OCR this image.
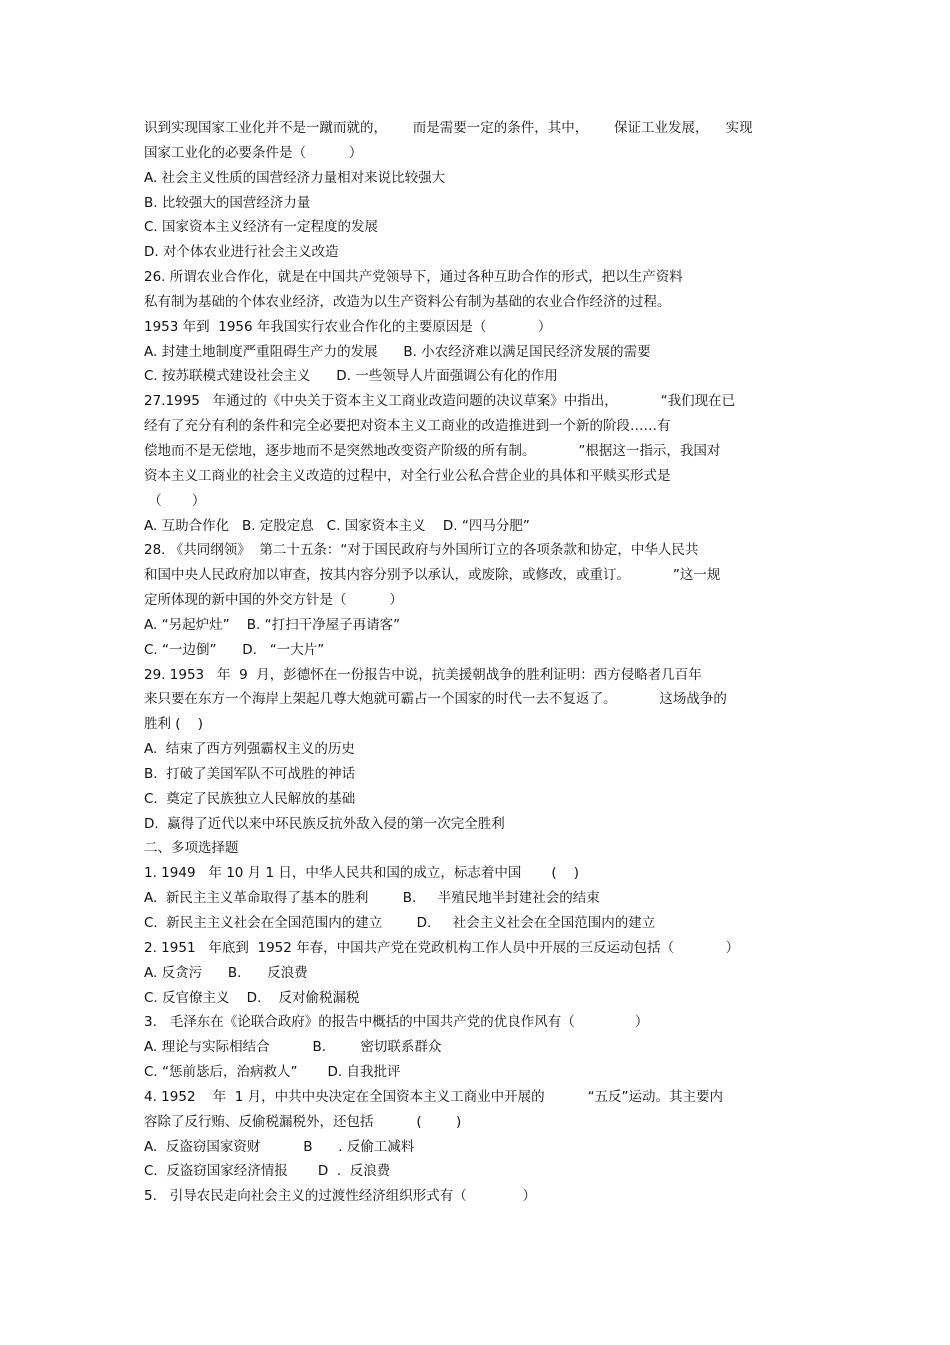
识到实现国家工业化并不是一蹴而就的，      而是需要一定的条件，其中，      保证工业发展，    实现
国家工业化的必要条件是（          ）
A. 社会主义性质的国营经济力量相对来说比较强大
B. 比较强大的国营经济力量
C. 国家资本主义经济有一定程度的发展
D. 对个体农业进行社会主义改造
26. 所谓农业合作化，就是在中国共产党领导下，通过各种互助合作的形式，把以生产资料
私有制为基础的个体农业经济，改造为以生产资料公有制为基础的农业合作经济的过程。
1953 年到  1956 年我国实行农业合作化的主要原因是（            ）
A. 封建土地制度严重阻碍生产力的发展      B. 小农经济难以满足国民经济发展的需要
C. 按苏联模式建设社会主义      D. 一些领导人片面强调公有化的作用
27.1995   年通过的《中央关于资本主义工商业改造问题的决议草案》中指出，          “我们现在已
经有了充分有利的条件和完全必要把对资本主义工商业的改造推进到一个新的阶段……有
偿地而不是无偿地，逐步地而不是突然地改变资产阶级的所有制。          ”根据这一指示，我国对
资本主义工商业的社会主义改造的过程中，对全行业公私合营企业的具体和平赎买形式是
（       ）
A. 互助合作化   B. 定股定息   C. 国家资本主义    D. “四马分肥”
28. 《共同纲领》  第二十五条：“对于国民政府与外国所订立的各项条款和协定，中华人民共
和国中央人民政府加以审查，按其内容分别予以承认，或废除，或修改，或重订。          ”这一规
定所体现的新中国的外交方针是（          ）
A. “另起炉灶”    B. “打扫干净屋子再请客”
C. “一边倒”      D.   “一大片”
29. 1953   年  9  月，彭德怀在一份报告中说，抗美援朝战争的胜利证明：西方侵略者几百年
来只要在东方一个海岸上架起几尊大炮就可霸占一个国家的时代一去不复返了。          这场战争的
胜利 (    )
A.  结束了西方列强霸权主义的历史
B.  打破了美国军队不可战胜的神话
C.  奠定了民族独立人民解放的基础
D.  赢得了近代以来中环民族反抗外敌入侵的第一次完全胜利
二、多项选择题
1. 1949   年 10 月 1 日，中华人民共和国的成立，标志着中国       (    )
A.  新民主主义革命取得了基本的胜利        B.     半殖民地半封建社会的结束
C.  新民主主义社会在全国范围内的建立        D.     社会主义社会在全国范围内的建立
2. 1951   年底到  1952 年春，中国共产党在党政机构工作人员中开展的三反运动包括（            ）
A. 反贪污      B.      反浪费
C. 反官僚主义    D.    反对偷税漏税
3.   毛泽东在《论联合政府》的报告中概括的中国共产党的优良作风有（              ）
A. 理论与实际相结合          B.        密切联系群众
C. “惩前毖后，治病救人”       D. 自我批评
4. 1952    年  1 月，中共中央决定在全国资本主义工商业中开展的          “五反”运动。其主要内
容除了反行贿、反偷税漏税外，还包括          (        )
A.  反盗窃国家资财          B      . 反偷工减料
C.  反盗窃国家经济情报       D  .  反浪费
5.   引导农民走向社会主义的过渡性经济组织形式有（             ）
